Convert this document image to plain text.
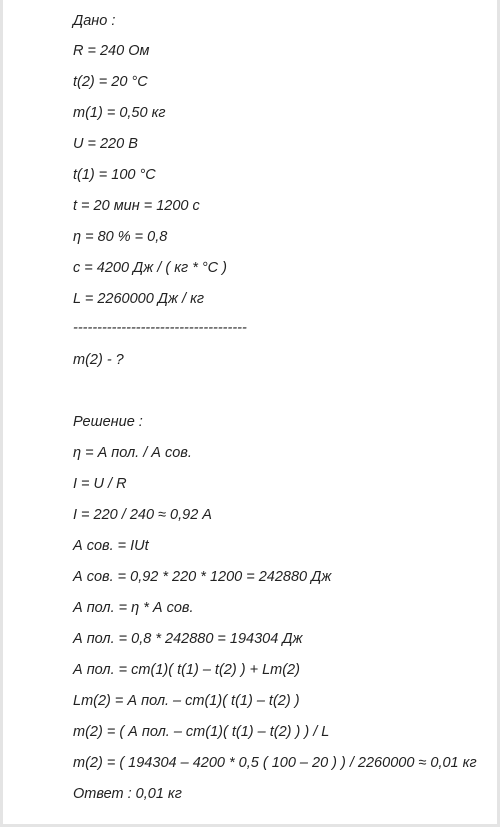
Дано :

R = 240 Ом

t(2) = 20 °C

m(1) = 0,50 кг

U = 220 В

t(1) = 100 °C

t = 20 мин = 1200 с

η = 80 % = 0,8

c = 4200 Дж / ( кг * °С )

L = 2260000 Дж / кг

------------------------------------

m(2) - ?

Решение :

η = А пол. / А сов.

I = U / R

I = 220 / 240 ≈ 0,92 А

А сов. = IUt

А сов. = 0,92 * 220 * 1200 = 242880 Дж

А пол. = η * А сов.

А пол. = 0,8 * 242880 = 194304 Дж

А пол. = cm(1)( t(1) – t(2) ) + Lm(2)

Lm(2) = А пол. – cm(1)( t(1) – t(2) )

m(2) = ( А пол. – cm(1)( t(1) – t(2) ) ) / L

m(2) = ( 194304 – 4200 * 0,5 ( 100 – 20 ) ) / 2260000 ≈ 0,01 кг

Ответ : 0,01 кг
